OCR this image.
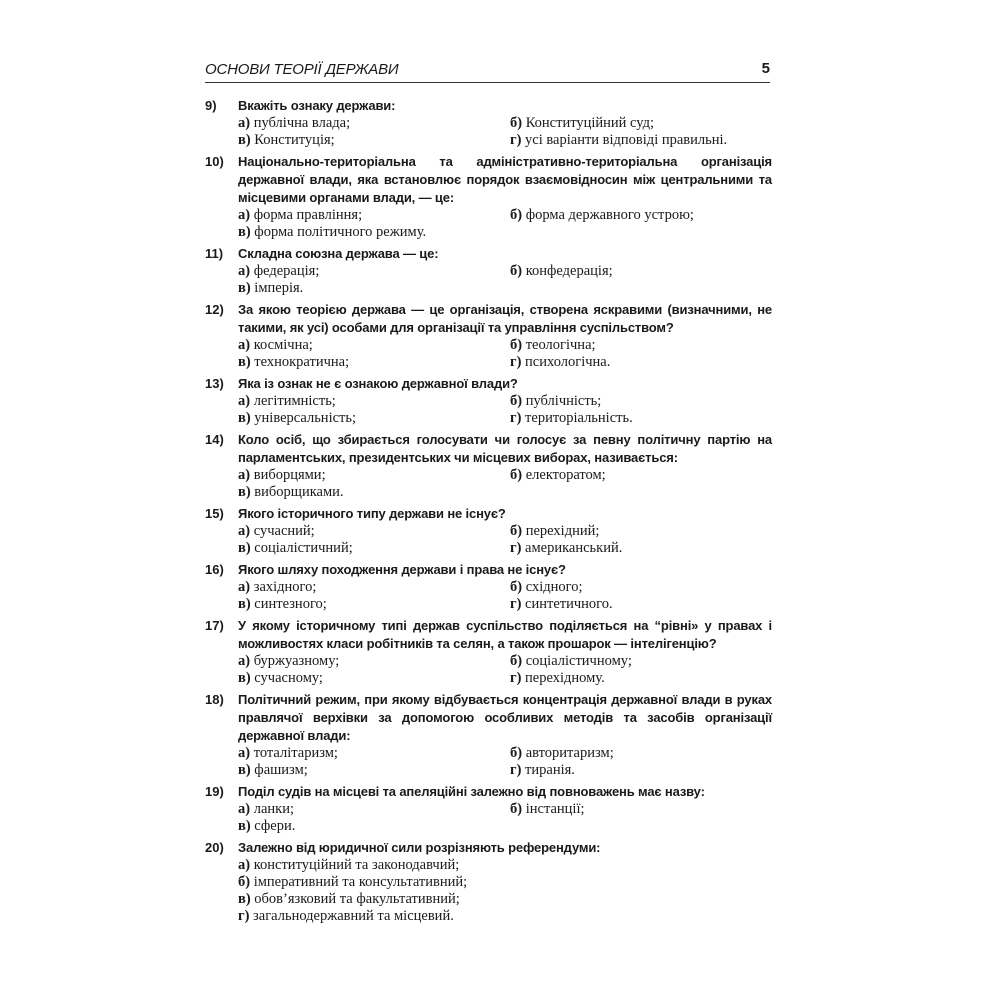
ОСНОВИ ТЕОРІЇ ДЕРЖАВИ	5
9) Вкажіть ознаку держави:
а) публічна влада;	б) Конституційний суд;
в) Конституція;	г) усі варіанти відповіді правильні.
10) Національно-територіальна та адміністративно-територіальна організація державної влади, яка встановлює порядок взаємовідносин між центральними та місцевими органами влади, — це:
а) форма правління;	б) форма державного устрою;
в) форма політичного режиму.
11) Складна союзна держава — це:
а) федерація;	б) конфедерація;
в) імперія.
12) За якою теорією держава — це організація, створена яскравими (визначними, не такими, як усі) особами для організації та управління суспільством?
а) космічна;	б) теологічна;
в) технократична;	г) психологічна.
13) Яка із ознак не є ознакою державної влади?
а) легітимність;	б) публічність;
в) універсальність;	г) територіальність.
14) Коло осіб, що збирається голосувати чи голосує за певну політичну партію на парламентських, президентських чи місцевих виборах, називається:
а) виборцями;	б) електоратом;
в) виборщиками.
15) Якого історичного типу держави не існує?
а) сучасний;	б) перехідний;
в) соціалістичний;	г) американський.
16) Якого шляху походження держави і права не існує?
а) західного;	б) східного;
в) синтезного;	г) синтетичного.
17) У якому історичному типі держав суспільство поділяється на “рівні» у правах і можливостях класи робітників та селян, а також прошарок — інтелігенцію?
а) буржуазному;	б) соціалістичному;
в) сучасному;	г) перехідному.
18) Політичний режим, при якому відбувається концентрація державної влади в руках правлячої верхівки за допомогою особливих методів та засобів організації державної влади:
а) тоталітаризм;	б) авторитаризм;
в) фашизм;	г) тиранія.
19) Поділ судів на місцеві та апеляційні залежно від повноважень має назву:
а) ланки;	б) інстанції;
в) сфери.
20) Залежно від юридичної сили розрізняють референдуми:
а) конституційний та законодавчий;
б) імперативний та консультативний;
в) обов’язковий та факультативний;
г) загальнодержавний та місцевий.
